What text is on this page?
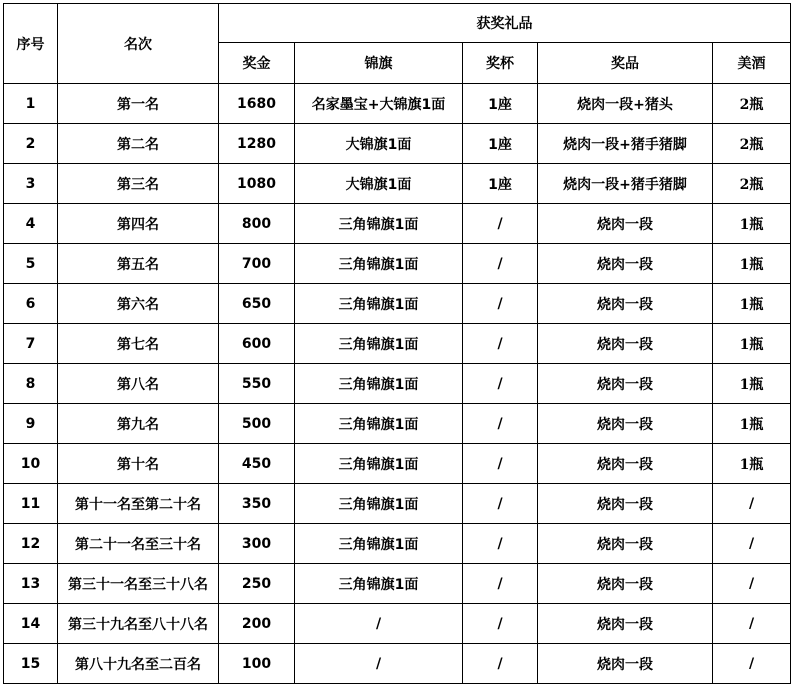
序号	名次	获奖礼品				
		奖金	锦旗	奖杯	奖品	美酒
1	第一名	1680	名家墨宝+大锦旗1面	1座	烧肉一段+猪头	2瓶
2	第二名	1280	大锦旗1面	1座	烧肉一段+猪手猪脚	2瓶
3	第三名	1080	大锦旗1面	1座	烧肉一段+猪手猪脚	2瓶
4	第四名	800	三角锦旗1面	/	烧肉一段	1瓶
5	第五名	700	三角锦旗1面	/	烧肉一段	1瓶
6	第六名	650	三角锦旗1面	/	烧肉一段	1瓶
7	第七名	600	三角锦旗1面	/	烧肉一段	1瓶
8	第八名	550	三角锦旗1面	/	烧肉一段	1瓶
9	第九名	500	三角锦旗1面	/	烧肉一段	1瓶
10	第十名	450	三角锦旗1面	/	烧肉一段	1瓶
11	第十一名至第二十名	350	三角锦旗1面	/	烧肉一段	/
12	第二十一名至三十名	300	三角锦旗1面	/	烧肉一段	/
13	第三十一名至三十八名	250	三角锦旗1面	/	烧肉一段	/
14	第三十九名至八十八名	200	/	/	烧肉一段	/
15	第八十九名至二百名	100	/	/	烧肉一段	/
